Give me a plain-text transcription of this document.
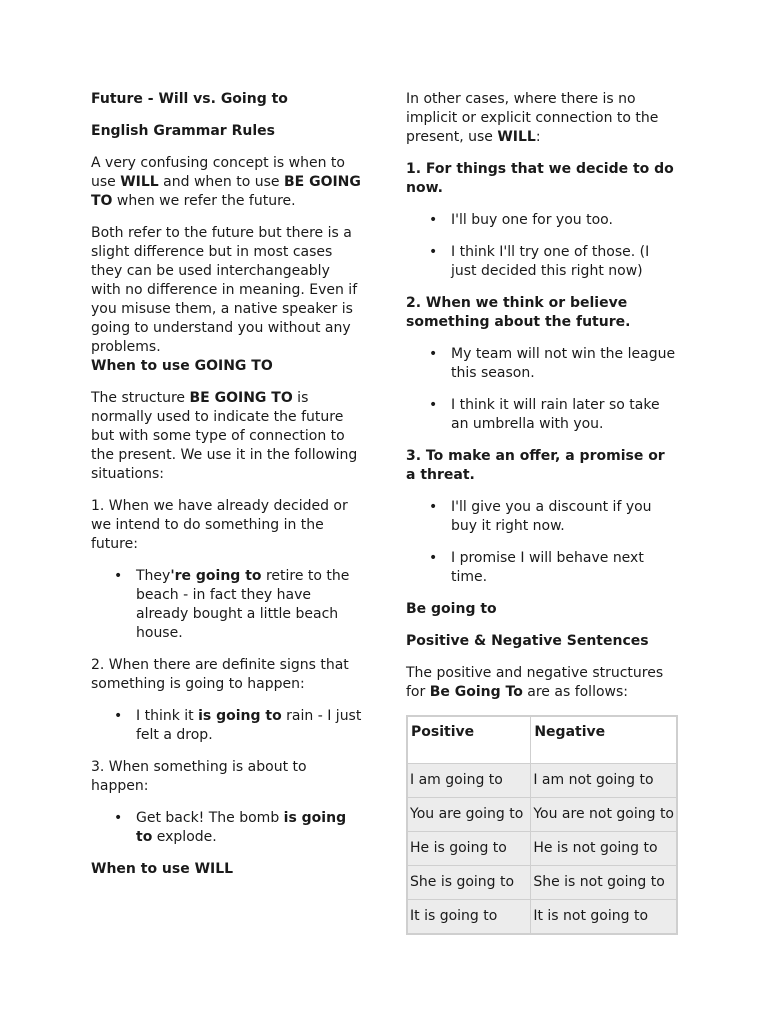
Future - Will vs. Going to

English Grammar Rules

A very confusing concept is when to use WILL and when to use BE GOING TO when we refer the future.

Both refer to the future but there is a slight difference but in most cases they can be used interchangeably with no difference in meaning. Even if you misuse them, a native speaker is going to understand you without any problems.

When to use GOING TO

The structure BE GOING TO is normally used to indicate the future but with some type of connection to the present. We use it in the following situations:

1. When we have already decided or we intend to do something in the future:

• They're going to retire to the beach - in fact they have already bought a little beach house.

2. When there are definite signs that something is going to happen:

• I think it is going to rain - I just felt a drop.

3. When something is about to happen:

• Get back! The bomb is going to explode.

When to use WILL

In other cases, where there is no implicit or explicit connection to the present, use WILL:

1. For things that we decide to do now.

• I'll buy one for you too.
• I think I'll try one of those. (I just decided this right now)

2. When we think or believe something about the future.

• My team will not win the league this season.
• I think it will rain later so take an umbrella with you.

3. To make an offer, a promise or a threat.

• I'll give you a discount if you buy it right now.
• I promise I will behave next time.

Be going to

Positive & Negative Sentences

The positive and negative structures for Be Going To are as follows:

Positive	Negative
I am going to	I am not going to
You are going to	You are not going to
He is going to	He is not going to
She is going to	She is not going to
It is going to	It is not going to
